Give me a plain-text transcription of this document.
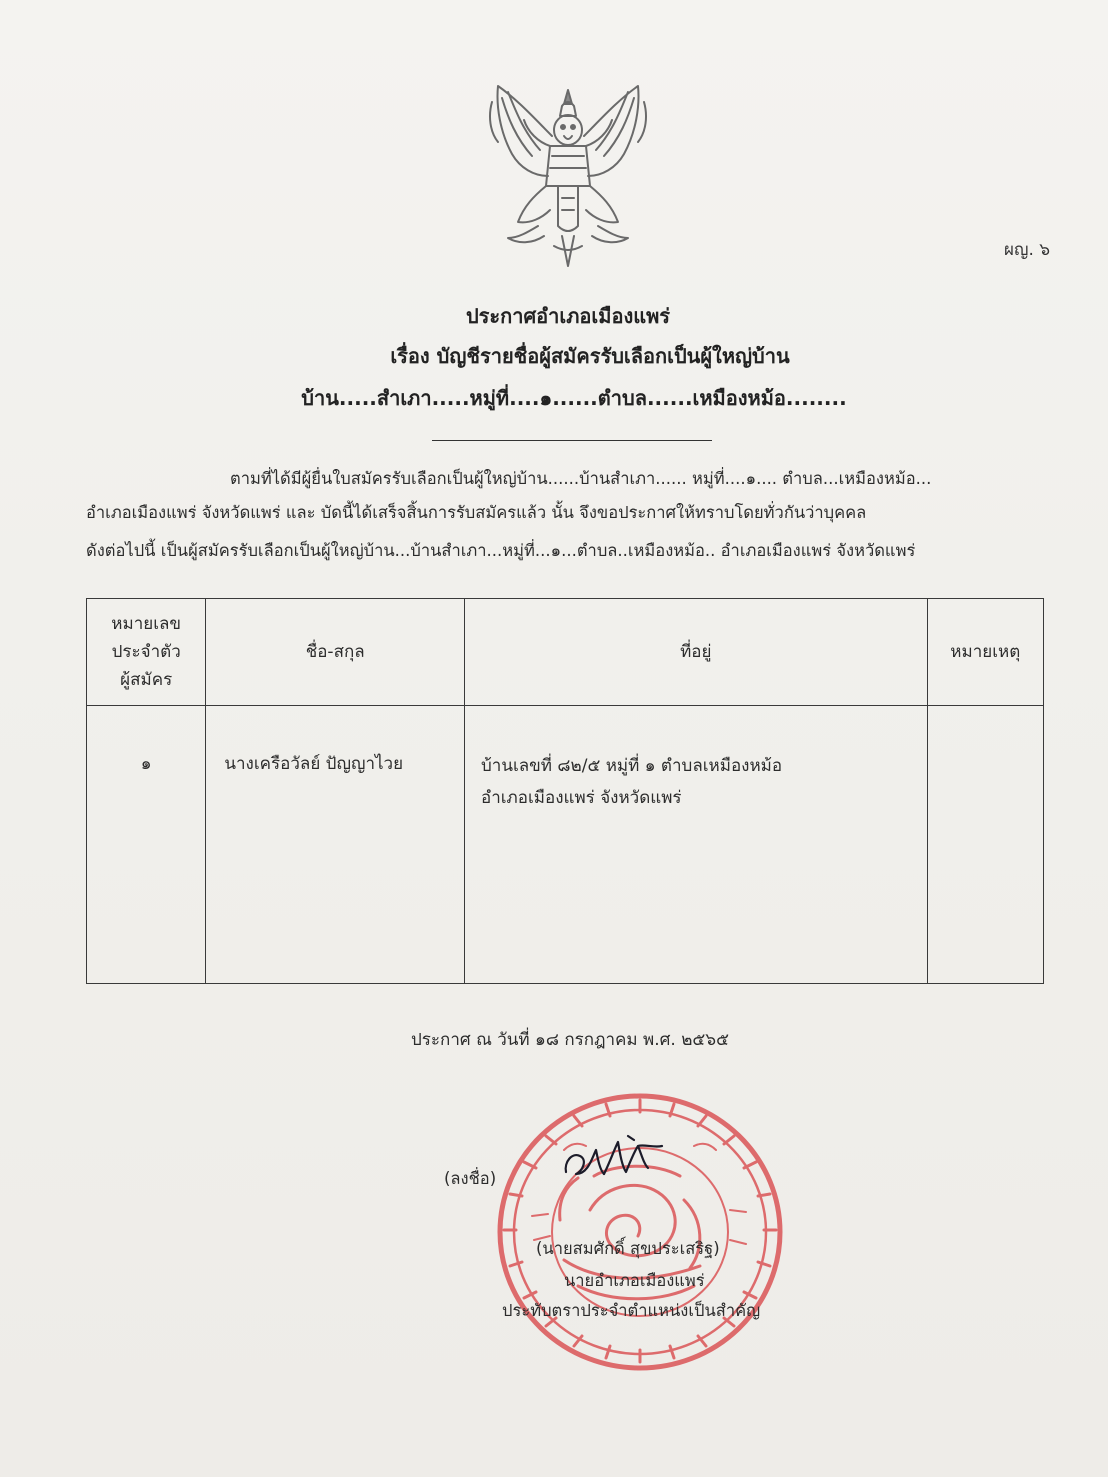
ผญ. ๖
ประกาศอำเภอเมืองแพร่
เรื่อง บัญชีรายชื่อผู้สมัครรับเลือกเป็นผู้ใหญ่บ้าน
บ้าน.....สำเภา.....หมู่ที่....๑......ตำบล......เหมืองหม้อ........
ตามที่ได้มีผู้ยื่นใบสมัครรับเลือกเป็นผู้ใหญ่บ้าน......บ้านสำเภา...... หมู่ที่....๑.... ตำบล...เหมืองหม้อ...
อำเภอเมืองแพร่ จังหวัดแพร่ และ บัดนี้ได้เสร็จสิ้นการรับสมัครแล้ว นั้น จึงขอประกาศให้ทราบโดยทั่วกันว่าบุคคล
ดังต่อไปนี้ เป็นผู้สมัครรับเลือกเป็นผู้ใหญ่บ้าน...บ้านสำเภา...หมู่ที่...๑...ตำบล..เหมืองหม้อ.. อำเภอเมืองแพร่ จังหวัดแพร่
หมายเลข
ประจำตัว
ผู้สมัคร	ชื่อ-สกุล	ที่อยู่	หมายเหตุ
๑	นางเครือวัลย์ ปัญญาไวย	บ้านเลขที่ ๘๒/๕ หมู่ที่ ๑ ตำบลเหมืองหม้อ
อำเภอเมืองแพร่ จังหวัดแพร่	

ประกาศ ณ วันที่ ๑๘ กรกฎาคม พ.ศ. ๒๕๖๕
(ลงชื่อ)
(นายสมศักดิ์ สุขประเสริฐ)
นายอำเภอเมืองแพร่
ประทับตราประจำตำแหน่งเป็นสำคัญ
